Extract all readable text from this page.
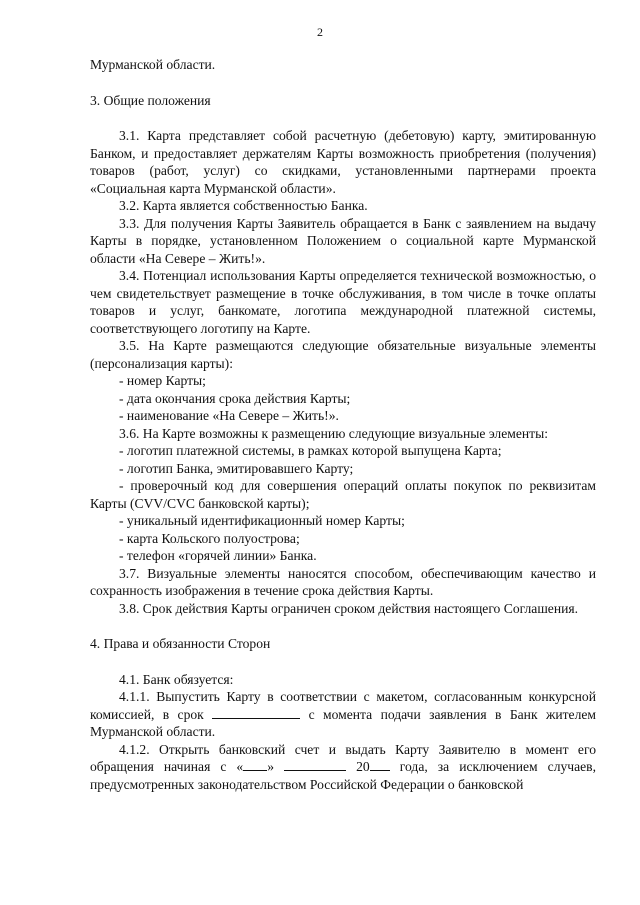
2

Мурманской области.

3. Общие положения

3.1. Карта представляет собой расчетную (дебетовую) карту, эмитированную Банком, и предоставляет держателям Карты возможность приобретения (получения) товаров (работ, услуг) со скидками, установленными партнерами проекта «Социальная карта Мурманской области».

3.2. Карта является собственностью Банка.

3.3. Для получения Карты Заявитель обращается в Банк с заявлением на выдачу Карты в порядке, установленном Положением о социальной карте Мурманской области «На Севере – Жить!».

3.4. Потенциал использования Карты определяется технической возможностью, о чем свидетельствует размещение в точке обслуживания, в том числе в точке оплаты товаров и услуг, банкомате, логотипа международной платежной системы, соответствующего логотипу на Карте.

3.5. На Карте размещаются следующие обязательные визуальные элементы (персонализация карты):

- номер Карты;

- дата окончания срока действия Карты;

- наименование «На Севере – Жить!».

3.6. На Карте возможны к размещению следующие визуальные элементы:

- логотип платежной системы, в рамках которой выпущена Карта;

- логотип Банка, эмитировавшего Карту;

- проверочный код для совершения операций оплаты покупок по реквизитам Карты (CVV/CVC банковской карты);

- уникальный идентификационный номер Карты;

- карта Кольского полуострова;

- телефон «горячей линии» Банка.

3.7. Визуальные элементы наносятся способом, обеспечивающим качество и сохранность изображения в течение срока действия Карты.

3.8. Срок действия Карты ограничен сроком действия настоящего Соглашения.

4. Права и обязанности Сторон

4.1. Банк обязуется:

4.1.1. Выпустить Карту в соответствии с макетом, согласованным конкурсной комиссией, в срок	с момента подачи заявления в Банк жителем Мурманской области.

4.1.2. Открыть банковский счет и выдать Карту Заявителю в момент его обращения начиная с « »	20 года, за исключением случаев, предусмотренных законодательством Российской Федерации о банковской
